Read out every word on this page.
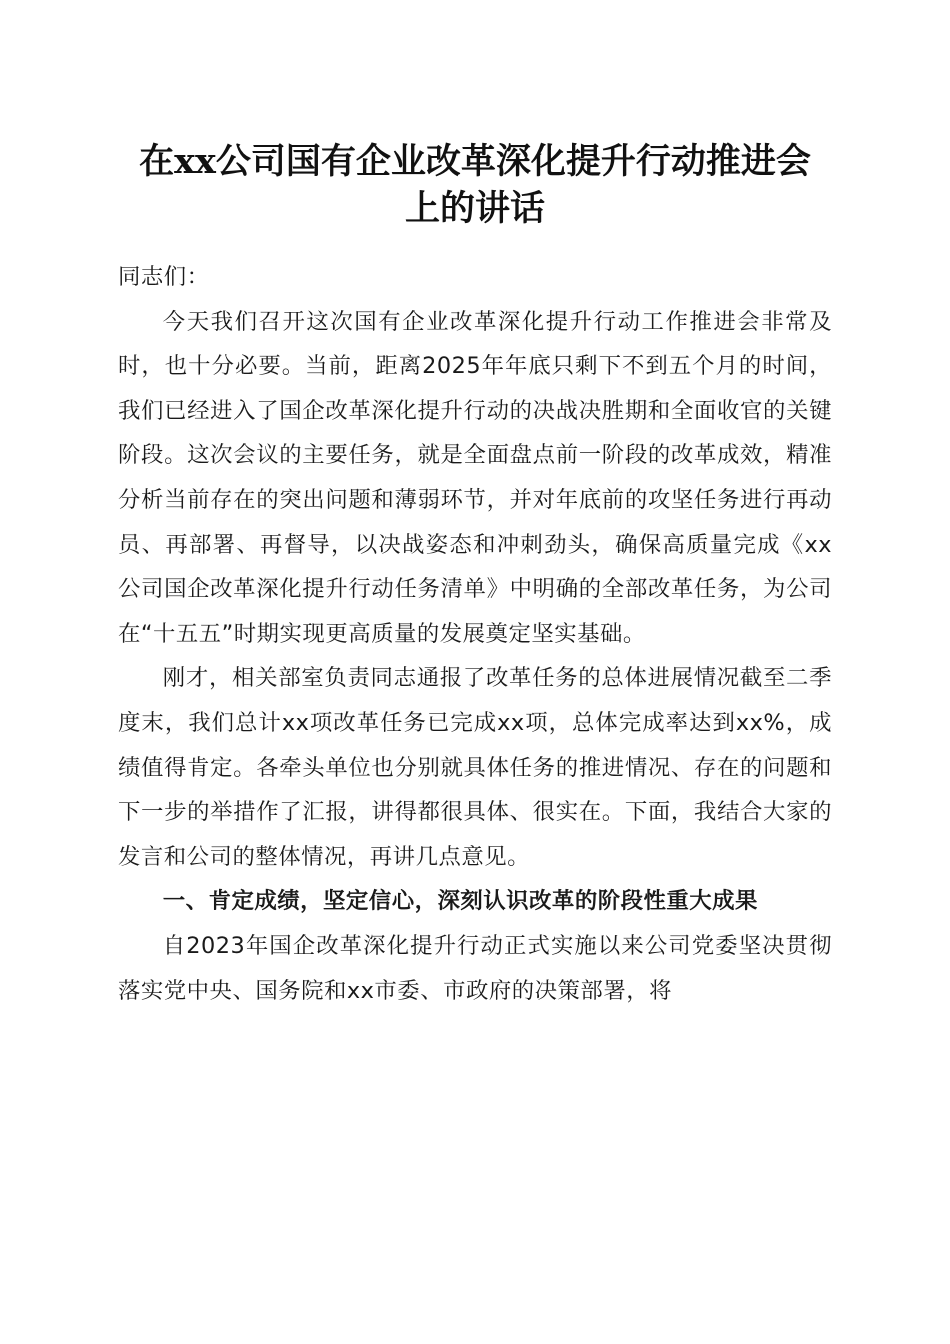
在xx公司国有企业改革深化提升行动推进会
上的讲话

同志们：

今天我们召开这次国有企业改革深化提升行动工作推进会非常及时，也十分必要。当前，距离2025年年底只剩下不到五个月的时间，我们已经进入了国企改革深化提升行动的决战决胜期和全面收官的关键阶段。这次会议的主要任务，就是全面盘点前一阶段的改革成效，精准分析当前存在的突出问题和薄弱环节，并对年底前的攻坚任务进行再动员、再部署、再督导，以决战姿态和冲刺劲头，确保高质量完成《xx公司国企改革深化提升行动任务清单》中明确的全部改革任务，为公司在“十五五”时期实现更高质量的发展奠定坚实基础。

刚才，相关部室负责同志通报了改革任务的总体进展情况截至二季度末，我们总计xx项改革任务已完成xx项，总体完成率达到xx%，成绩值得肯定。各牵头单位也分别就具体任务的推进情况、存在的问题和下一步的举措作了汇报，讲得都很具体、很实在。下面，我结合大家的发言和公司的整体情况，再讲几点意见。

一、肯定成绩，坚定信心，深刻认识改革的阶段性重大成果

自2023年国企改革深化提升行动正式实施以来公司党委坚决贯彻落实党中央、国务院和xx市委、市政府的决策部署，将
